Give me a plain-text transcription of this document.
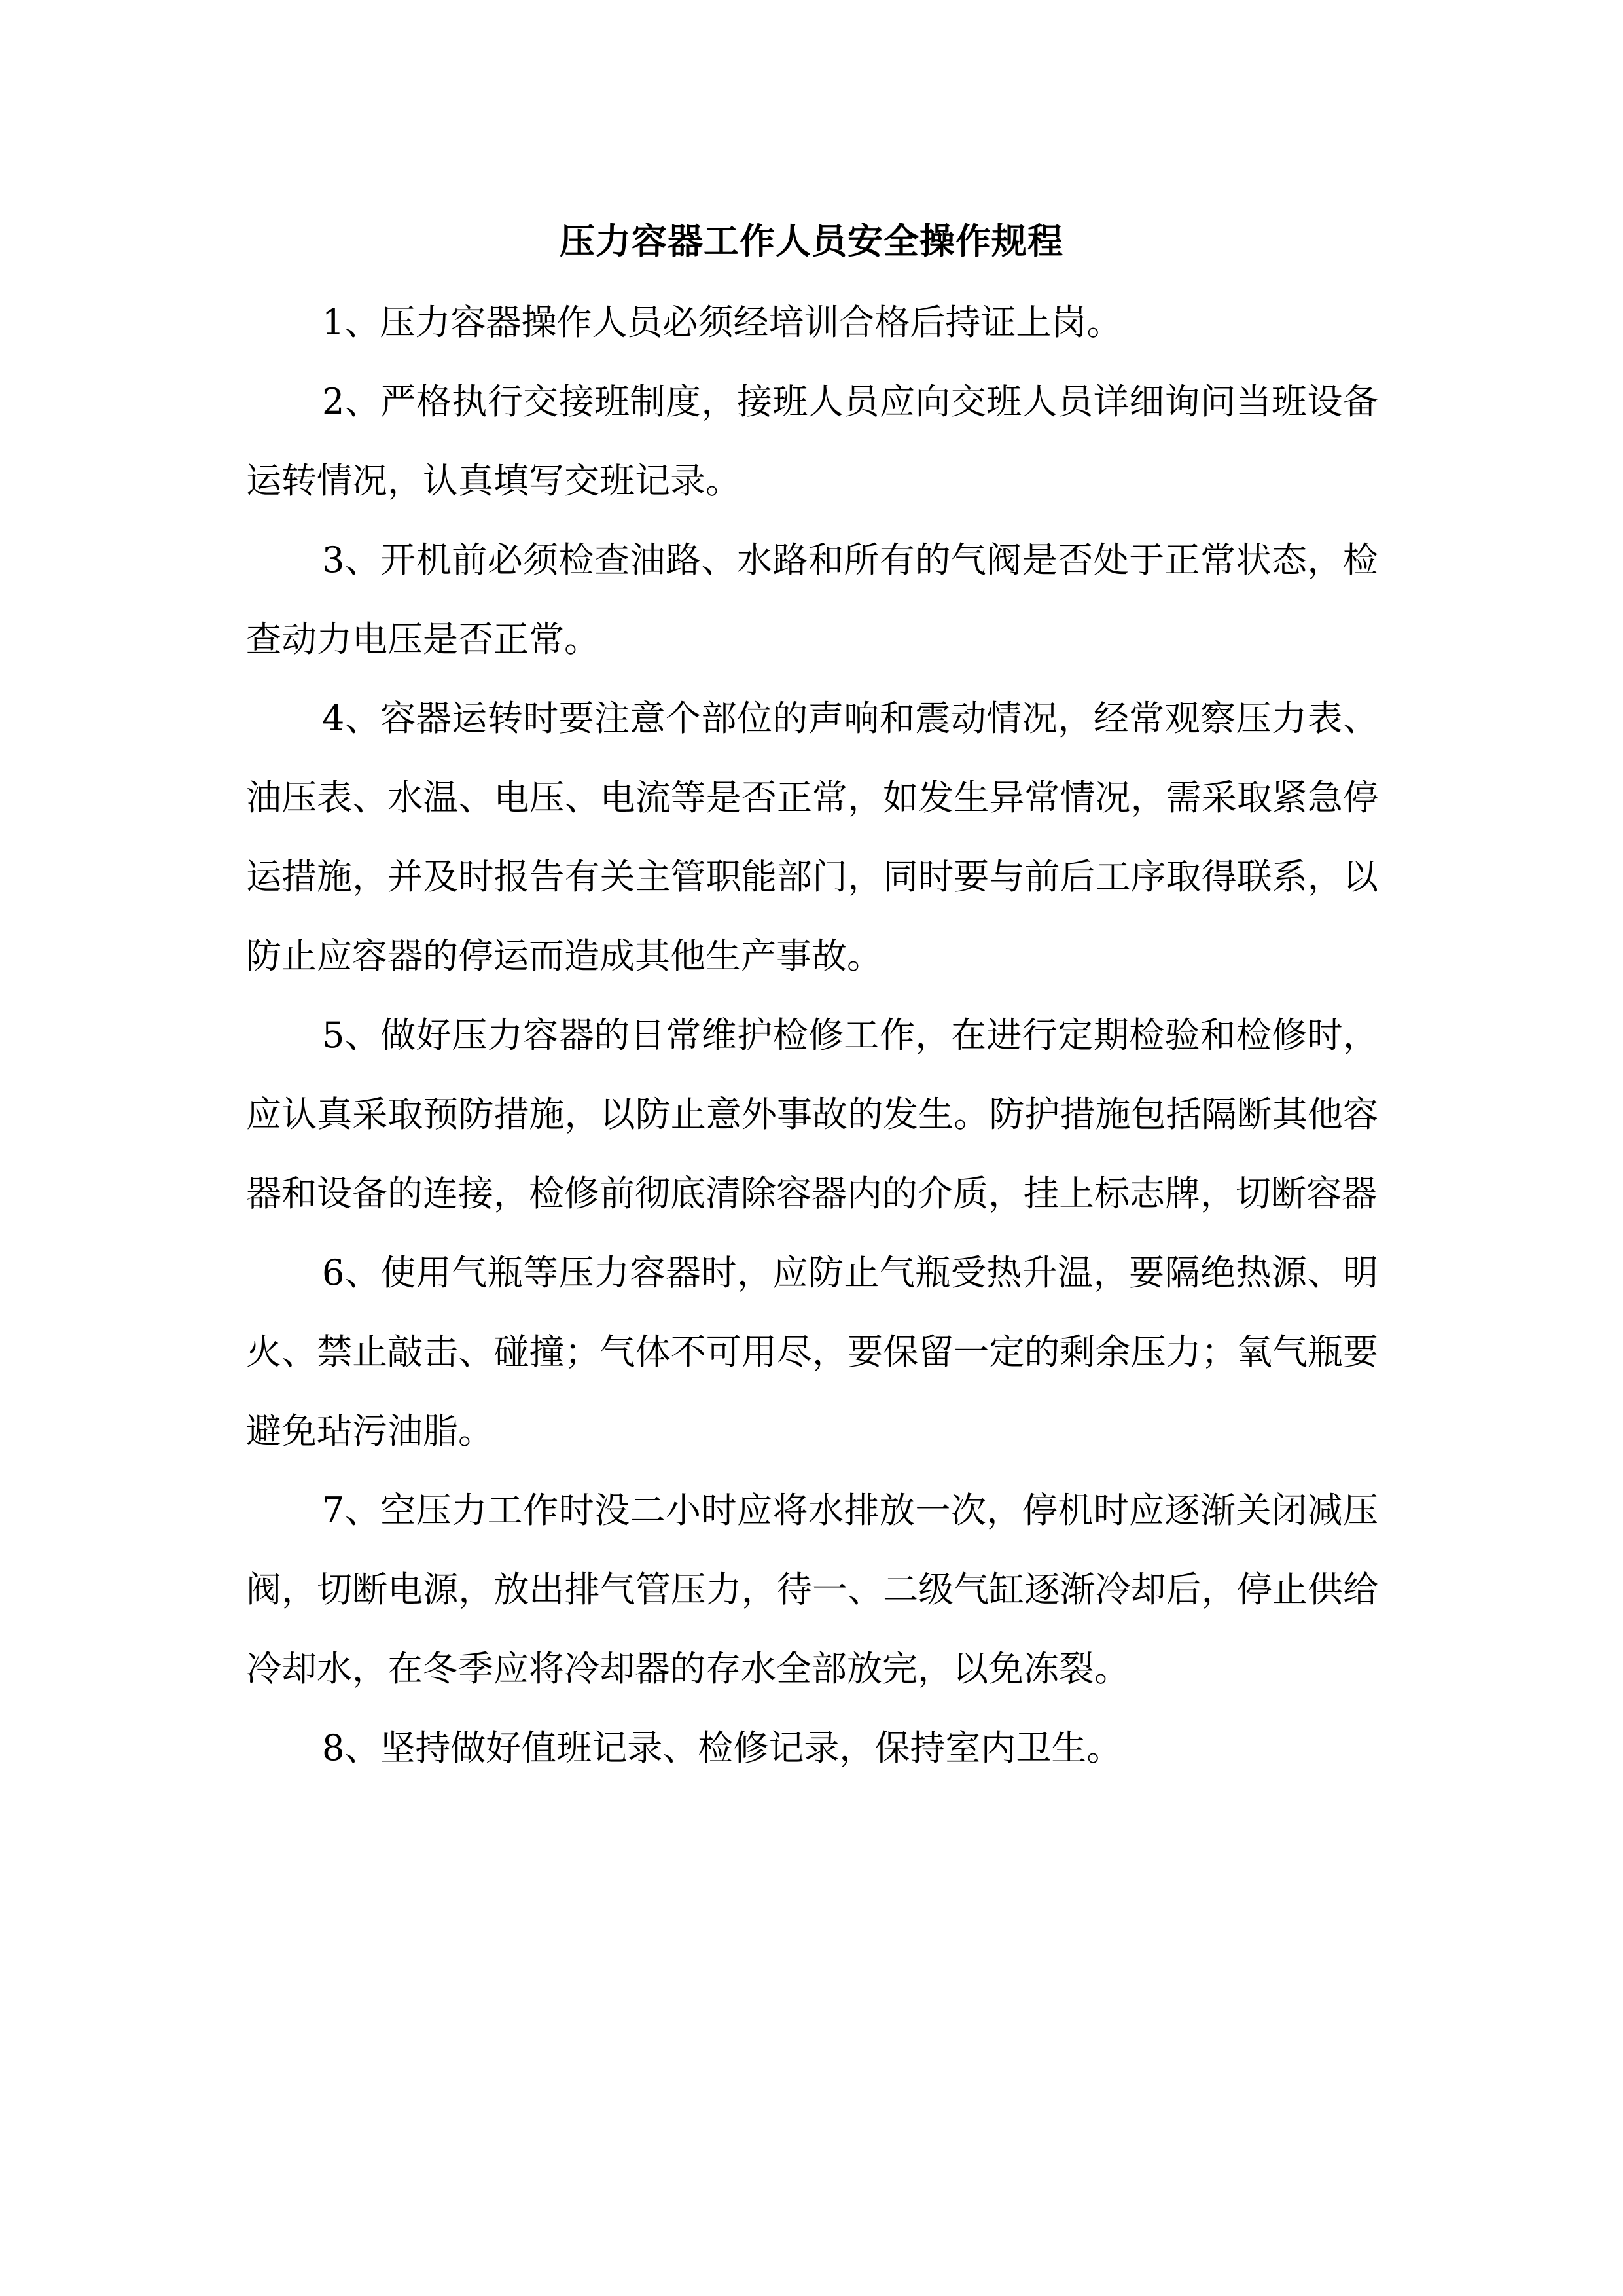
压力容器工作人员安全操作规程

1、压力容器操作人员必须经培训合格后持证上岗。

2、严格执行交接班制度，接班人员应向交班人员详细询问当班设备运转情况，认真填写交班记录。

3、开机前必须检查油路、水路和所有的气阀是否处于正常状态，检查动力电压是否正常。

4、容器运转时要注意个部位的声响和震动情况，经常观察压力表、油压表、水温、电压、电流等是否正常，如发生异常情况，需采取紧急停运措施，并及时报告有关主管职能部门，同时要与前后工序取得联系，以防止应容器的停运而造成其他生产事故。

5、做好压力容器的日常维护检修工作，在进行定期检验和检修时，应认真采取预防措施，以防止意外事故的发生。防护措施包括隔断其他容器和设备的连接，检修前彻底清除容器内的介质，挂上标志牌，切断容器

6、使用气瓶等压力容器时，应防止气瓶受热升温，要隔绝热源、明火、禁止敲击、碰撞；气体不可用尽，要保留一定的剩余压力；氧气瓶要避免玷污油脂。

7、空压力工作时没二小时应将水排放一次，停机时应逐渐关闭减压阀，切断电源，放出排气管压力，待一、二级气缸逐渐冷却后，停止供给冷却水，在冬季应将冷却器的存水全部放完，以免冻裂。

8、坚持做好值班记录、检修记录，保持室内卫生。
